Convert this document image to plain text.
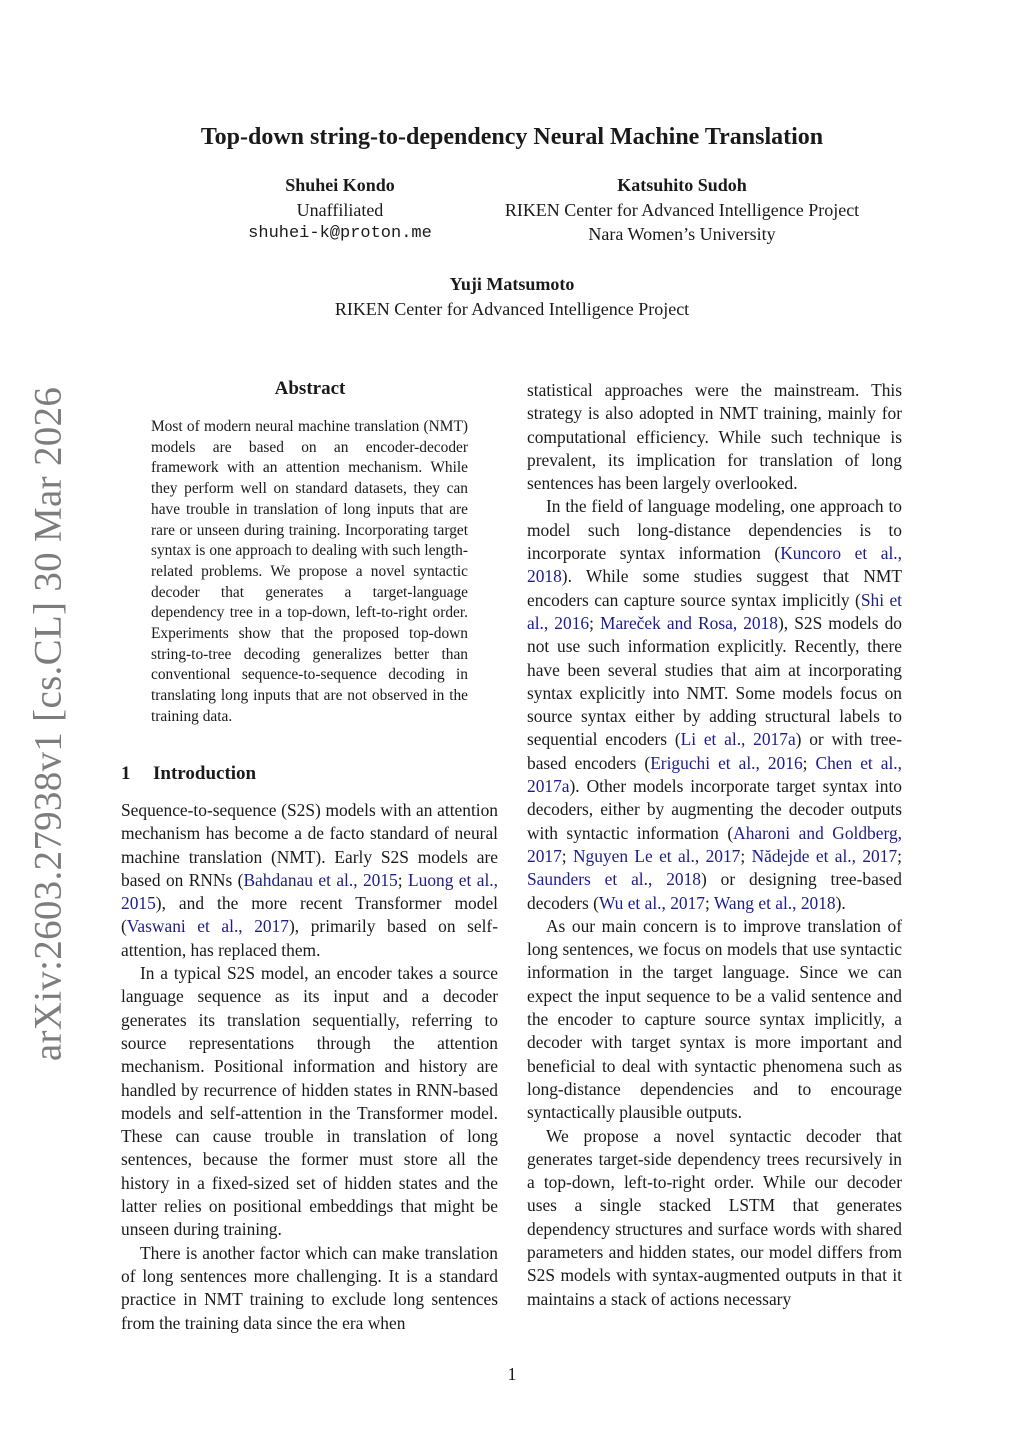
arXiv:2603.27938v1 [cs.CL] 30 Mar 2026
Top-down string-to-dependency Neural Machine Translation
Shuhei Kondo
Unaffiliated
shuhei-k@proton.me
Katsuhito Sudoh
RIKEN Center for Advanced Intelligence Project
Nara Women’s University
Yuji Matsumoto
RIKEN Center for Advanced Intelligence Project
Abstract
Most of modern neural machine translation (NMT) models are based on an encoder-decoder framework with an attention mechanism. While they perform well on standard datasets, they can have trouble in translation of long inputs that are rare or unseen during training. Incorporating target syntax is one approach to dealing with such length-related problems. We propose a novel syntactic decoder that generates a target-language dependency tree in a top-down, left-to-right order. Experiments show that the proposed top-down string-to-tree decoding generalizes better than conventional sequence-to-sequence decoding in translating long inputs that are not observed in the training data.
1 Introduction

Sequence-to-sequence (S2S) models with an attention mechanism has become a de facto standard of neural machine translation (NMT). Early S2S models are based on RNNs (Bahdanau et al., 2015; Luong et al., 2015), and the more recent Transformer model (Vaswani et al., 2017), primarily based on self-attention, has replaced them.

In a typical S2S model, an encoder takes a source language sequence as its input and a decoder generates its translation sequentially, referring to source representations through the attention mechanism. Positional information and history are handled by recurrence of hidden states in RNN-based models and self-attention in the Transformer model. These can cause trouble in translation of long sentences, because the former must store all the history in a fixed-sized set of hidden states and the latter relies on positional embeddings that might be unseen during training.

There is another factor which can make translation of long sentences more challenging. It is a standard practice in NMT training to exclude long sentences from the training data since the era when

statistical approaches were the mainstream. This strategy is also adopted in NMT training, mainly for computational efficiency. While such technique is prevalent, its implication for translation of long sentences has been largely overlooked.

In the field of language modeling, one approach to model such long-distance dependencies is to incorporate syntax information (Kuncoro et al., 2018). While some studies suggest that NMT encoders can capture source syntax implicitly (Shi et al., 2016; Mareček and Rosa, 2018), S2S models do not use such information explicitly. Recently, there have been several studies that aim at incorporating syntax explicitly into NMT. Some models focus on source syntax either by adding structural labels to sequential encoders (Li et al., 2017a) or with tree-based encoders (Eriguchi et al., 2016; Chen et al., 2017a). Other models incorporate target syntax into decoders, either by augmenting the decoder outputs with syntactic information (Aharoni and Goldberg, 2017; Nguyen Le et al., 2017; Nădejde et al., 2017; Saunders et al., 2018) or designing tree-based decoders (Wu et al., 2017; Wang et al., 2018).

As our main concern is to improve translation of long sentences, we focus on models that use syntactic information in the target language. Since we can expect the input sequence to be a valid sentence and the encoder to capture source syntax implicitly, a decoder with target syntax is more important and beneficial to deal with syntactic phenomena such as long-distance dependencies and to encourage syntactically plausible outputs.

We propose a novel syntactic decoder that generates target-side dependency trees recursively in a top-down, left-to-right order. While our decoder uses a single stacked LSTM that generates dependency structures and surface words with shared parameters and hidden states, our model differs from S2S models with syntax-augmented outputs in that it maintains a stack of actions necessary

1
